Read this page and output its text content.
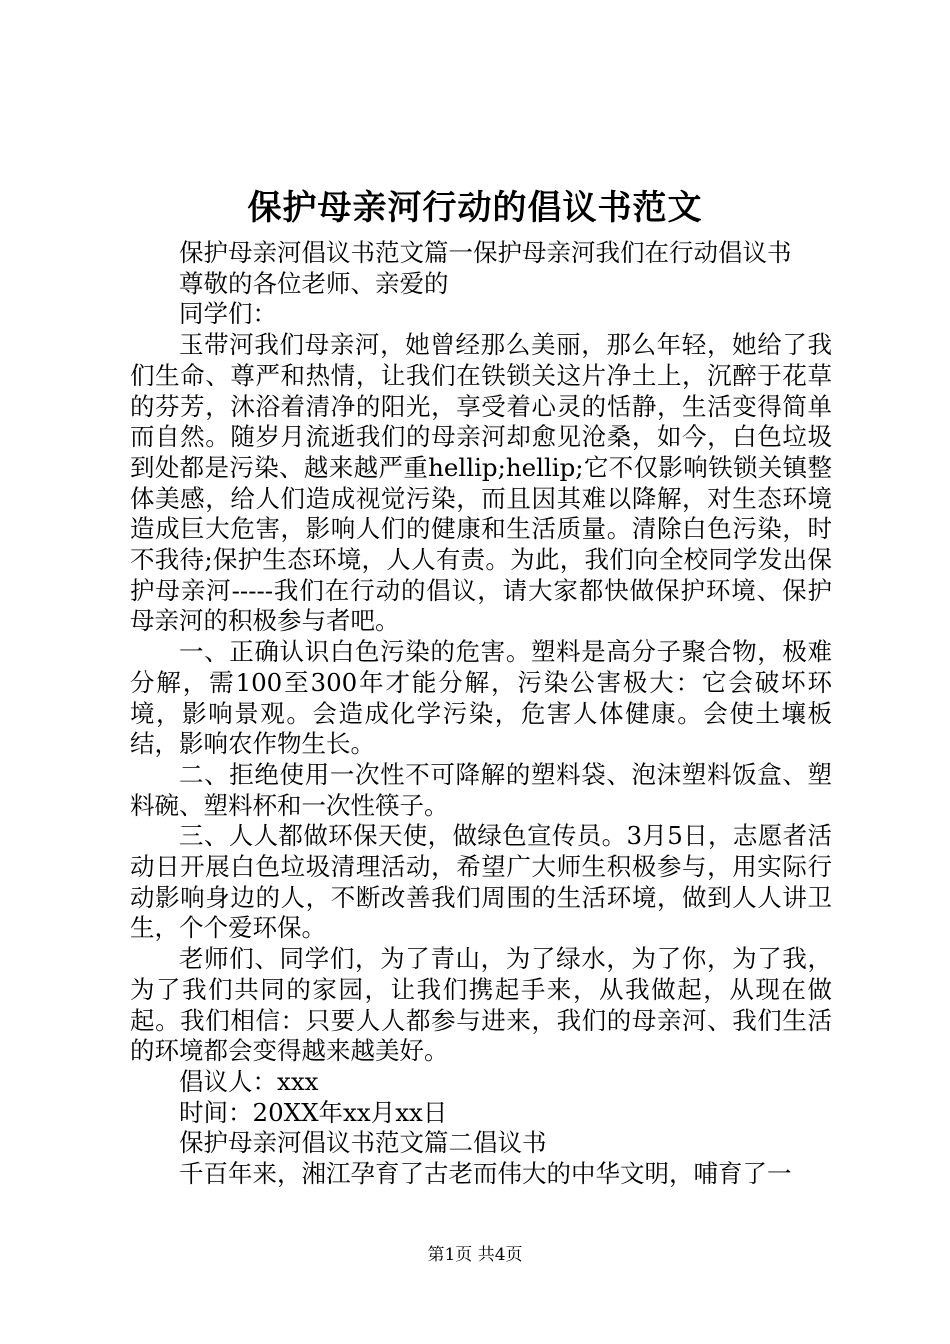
保护母亲河行动的倡议书范文

保护母亲河倡议书范文篇一保护母亲河我们在行动倡议书

尊敬的各位老师、亲爱的

同学们：

玉带河我们母亲河，她曾经那么美丽，那么年轻，她给了我们生命、尊严和热情，让我们在铁锁关这片净土上，沉醉于花草的芬芳，沐浴着清净的阳光，享受着心灵的恬静，生活变得简单而自然。随岁月流逝我们的母亲河却愈见沧桑，如今，白色垃圾到处都是污染、越来越严重hellip;hellip;它不仅影响铁锁关镇整体美感，给人们造成视觉污染，而且因其难以降解，对生态环境造成巨大危害，影响人们的健康和生活质量。清除白色污染，时不我待;保护生态环境，人人有责。为此，我们向全校同学发出保护母亲河-----我们在行动的倡议，请大家都快做保护环境、保护母亲河的积极参与者吧。

一、正确认识白色污染的危害。塑料是高分子聚合物，极难分解，需100至300年才能分解，污染公害极大：它会破坏环境，影响景观。会造成化学污染，危害人体健康。会使土壤板结，影响农作物生长。

二、拒绝使用一次性不可降解的塑料袋、泡沫塑料饭盒、塑料碗、塑料杯和一次性筷子。

三、人人都做环保天使，做绿色宣传员。3月5日，志愿者活动日开展白色垃圾清理活动，希望广大师生积极参与，用实际行动影响身边的人，不断改善我们周围的生活环境，做到人人讲卫生，个个爱环保。

老师们、同学们，为了青山，为了绿水，为了你，为了我，为了我们共同的家园，让我们携起手来，从我做起，从现在做起。我们相信：只要人人都参与进来，我们的母亲河、我们生活的环境都会变得越来越美好。

倡议人：xxx

时间：20XX年xx月xx日

保护母亲河倡议书范文篇二倡议书

千百年来，湘江孕育了古老而伟大的中华文明，哺育了一

第1页 共4页
